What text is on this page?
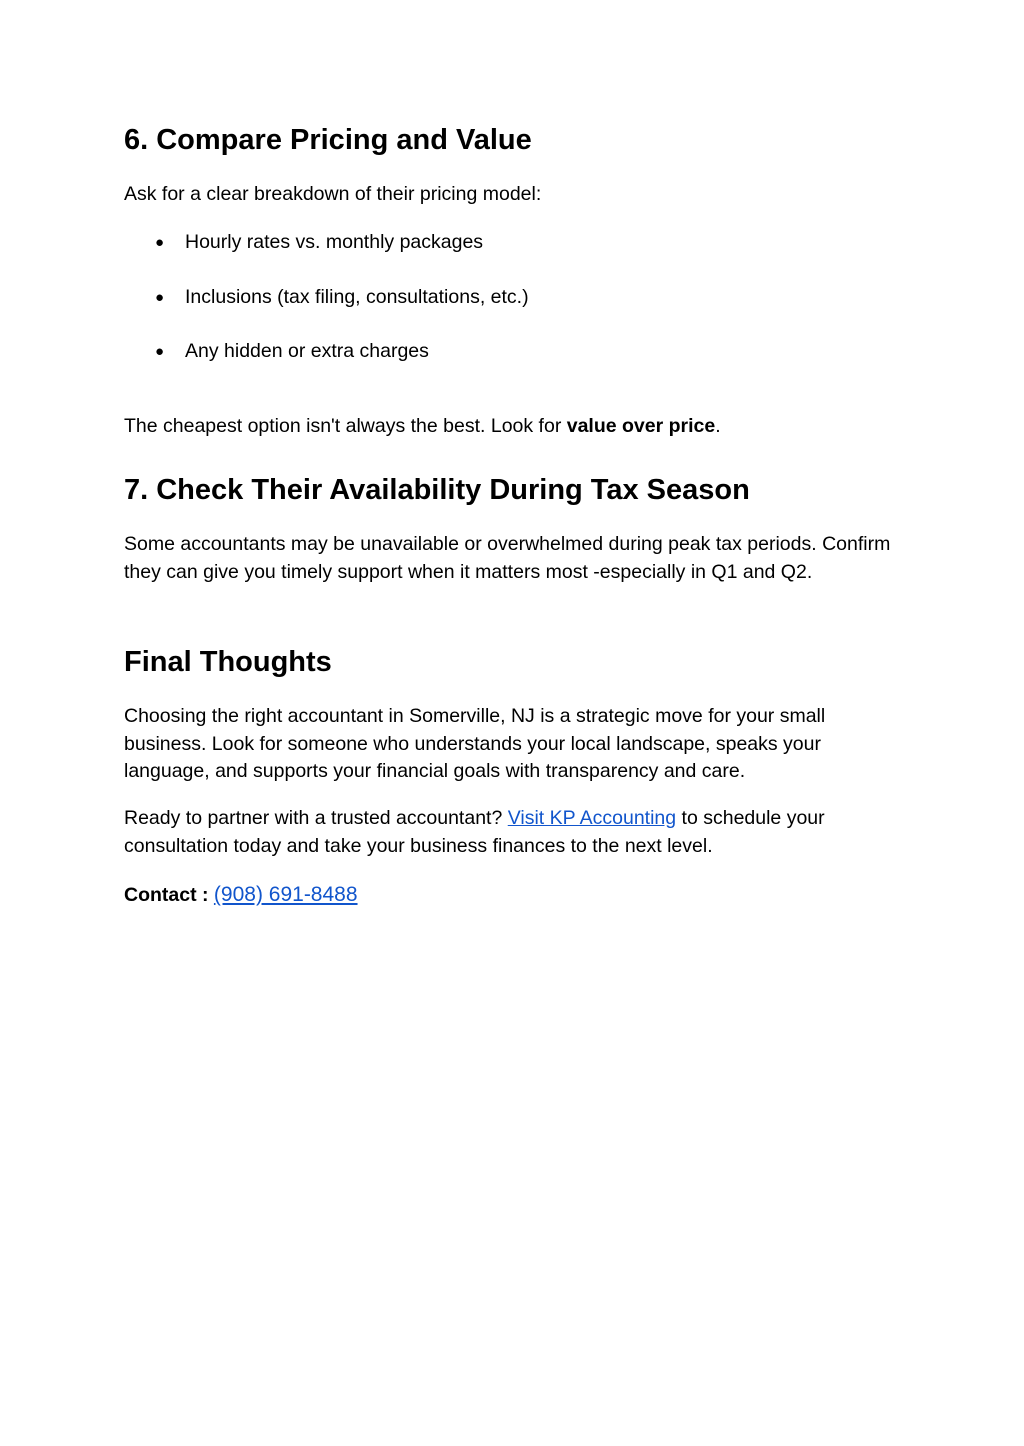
6. Compare Pricing and Value

Ask for a clear breakdown of their pricing model:

● Hourly rates vs. monthly packages
● Inclusions (tax filing, consultations, etc.)
● Any hidden or extra charges

The cheapest option isn't always the best. Look for value over price.

7. Check Their Availability During Tax Season

Some accountants may be unavailable or overwhelmed during peak tax periods. Confirm they can give you timely support when it matters most -especially in Q1 and Q2.

Final Thoughts

Choosing the right accountant in Somerville, NJ is a strategic move for your small business. Look for someone who understands your local landscape, speaks your language, and supports your financial goals with transparency and care.

Ready to partner with a trusted accountant? Visit KP Accounting to schedule your consultation today and take your business finances to the next level.

Contact : (908) 691-8488
